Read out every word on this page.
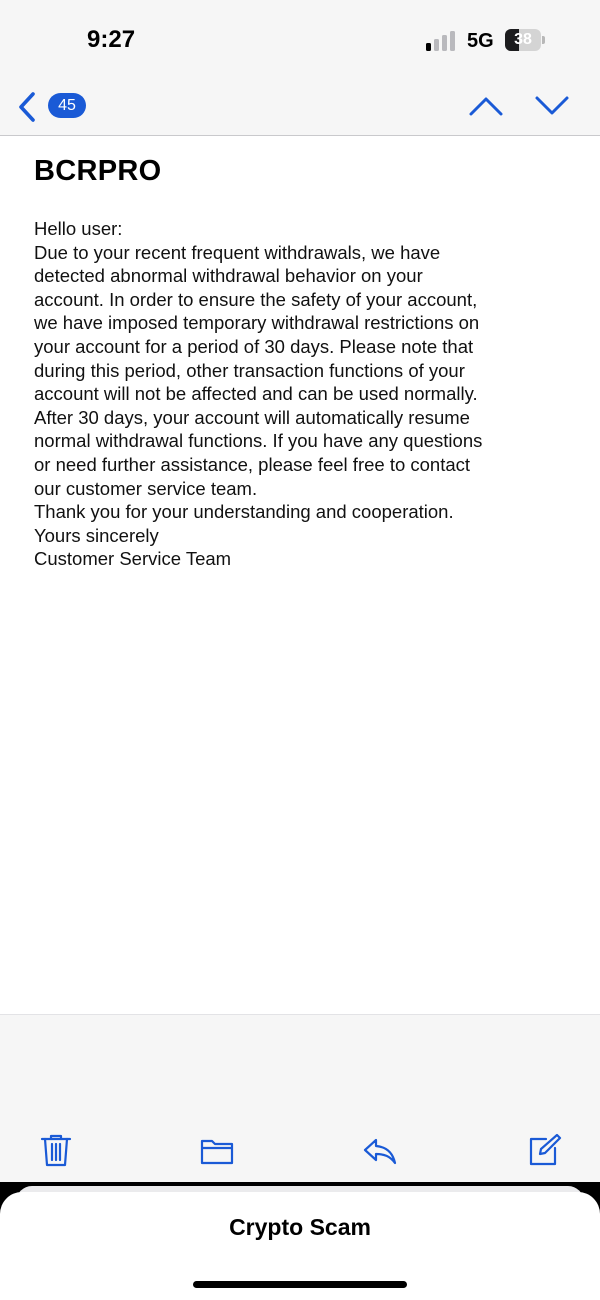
9:27	5G	38
45
BCRPRO

Hello user:

Due to your recent frequent withdrawals, we have

detected abnormal withdrawal behavior on your

account. In order to ensure the safety of your account,

we have imposed temporary withdrawal restrictions on

your account for a period of 30 days. Please note that

during this period, other transaction functions of your

account will not be affected and can be used normally.

After 30 days, your account will automatically resume

normal withdrawal functions. If you have any questions

or need further assistance, please feel free to contact

our customer service team.

Thank you for your understanding and cooperation.

Yours sincerely

Customer Service Team

Crypto Scam
